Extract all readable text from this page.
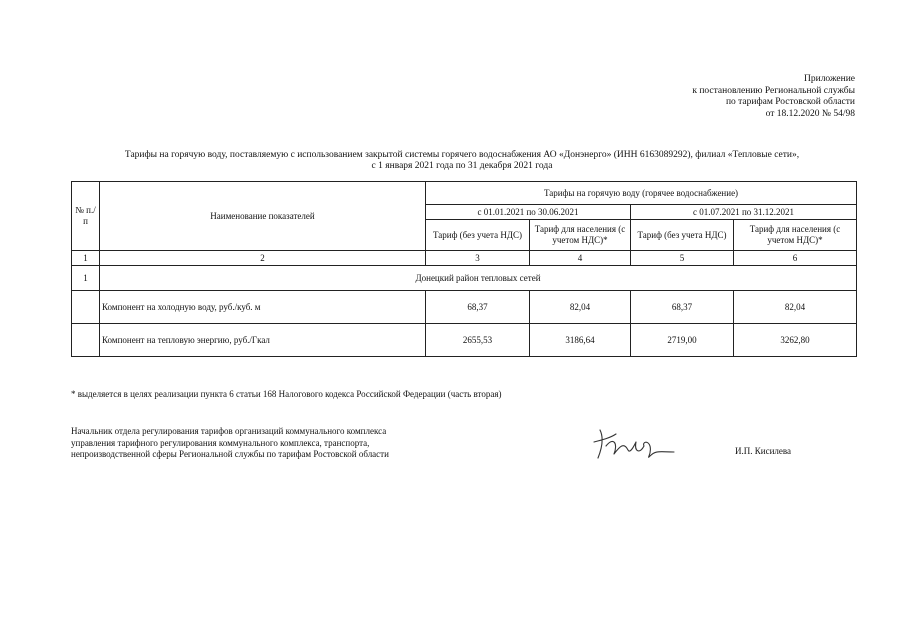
Приложение
к постановлению Региональной службы
по тарифам Ростовской области
от 18.12.2020 № 54/98
Тарифы на горячую воду, поставляемую с использованием закрытой системы горячего водоснабжения АО «Донэнерго» (ИНН 6163089292), филиал «Тепловые сети»,
с 1 января 2021 года по 31 декабря 2021 года
№ п./п	Наименование показателей	Тарифы на горячую воду (горячее водоснабжение)			
		с 01.01.2021 по 30.06.2021		с 01.07.2021 по 31.12.2021	
		Тариф (без учета НДС)	Тариф для населения (с учетом НДС)*	Тариф (без учета НДС)	Тариф для населения (с учетом НДС)*
1	2	3	4	5	6
1	Донецкий район тепловых сетей				
	Компонент на холодную воду, руб./куб. м	68,37	82,04	68,37	82,04
	Компонент на тепловую энергию, руб./Гкал	2655,53	3186,64	2719,00	3262,80
* выделяется в целях реализации пункта 6 статьи 168 Налогового кодекса Российской Федерации (часть вторая)
Начальник отдела регулирования тарифов организаций коммунального комплекса
управления тарифного регулирования коммунального комплекса, транспорта,
непроизводственной сферы Региональной службы по тарифам Ростовской области	И.П. Кисилева
